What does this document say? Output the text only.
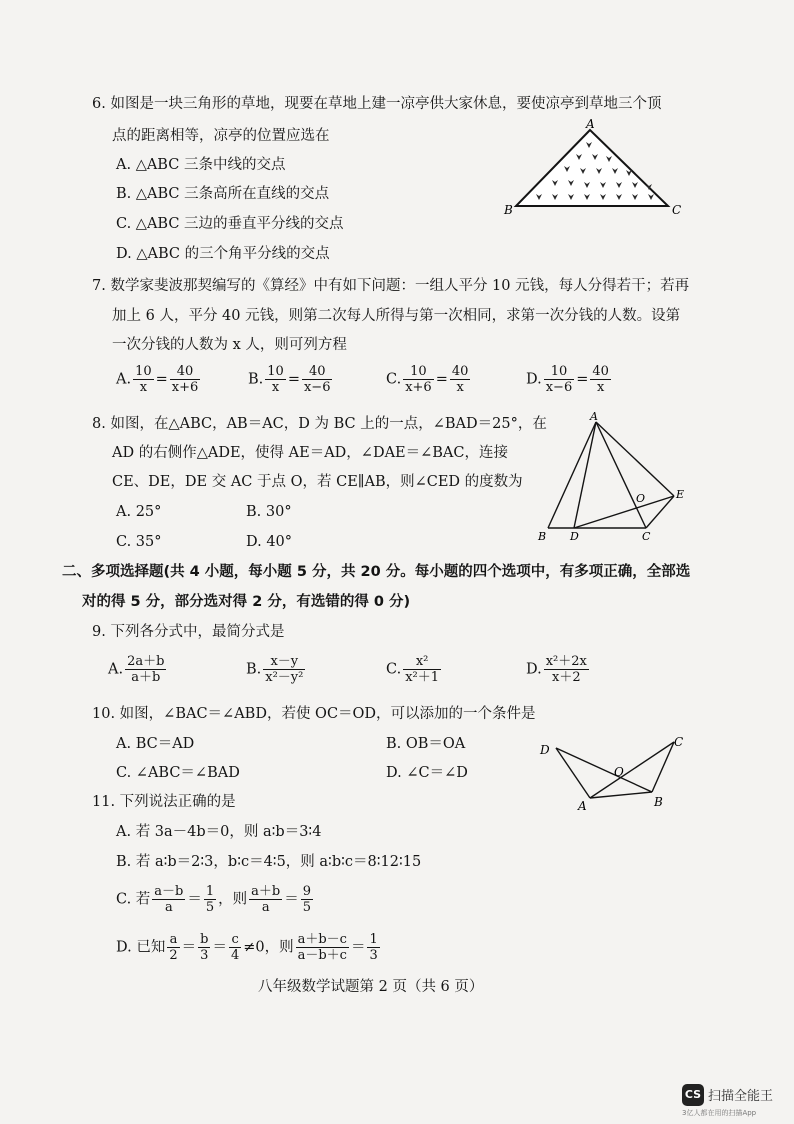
6. 如图是一块三角形的草地，现要在草地上建一凉亭供大家休息，要使凉亭到草地三个顶
点的距离相等，凉亭的位置应选在
A. △ABC 三条中线的交点
B. △ABC 三条高所在直线的交点
C. △ABC 三边的垂直平分线的交点
D. △ABC 的三个角平分线的交点
A
B	C
7. 数学家斐波那契编写的《算经》中有如下问题：一组人平分 10 元钱，每人分得若干；若再
加上 6 人，平分 40 元钱，则第二次每人所得与第一次相同，求第一次分钱的人数。设第
一次分钱的人数为 x 人，则可列方程
A. $\frac{10}{x} = \frac{40}{x+6}$	B. $\frac{10}{x} = \frac{40}{x-6}$	C. $\frac{10}{x+6} = \frac{40}{x}$	D. $\frac{10}{x-6} = \frac{40}{x}$
8. 如图，在△ABC，AB＝AC，D 为 BC 上的一点，∠BAD＝25°，在
AD 的右侧作△ADE，使得 AE＝AD，∠DAE＝∠BAC，连接
CE、DE，DE 交 AC 于点 O，若 CE∥AB，则∠CED 的度数为
A. 25°	B. 30°
C. 35°	D. 40°
A
B D	C
E
O
二、多项选择题(共 4 小题，每小题 5 分，共 20 分。每小题的四个选项中，有多项正确，全部选
对的得 5 分，部分选对得 2 分，有选错的得 0 分)
9. 下列各分式中，最简分式是
A. $\frac{2a+b}{a+b}$	B. $\frac{x-y}{\text{x²－y²}}$	C. $\frac{\text{x²}}{\text{x²＋1}}$	D. $\frac{\text{x²＋2x}}{x+2}$
10. 如图，∠BAC＝∠ABD，若使 OC＝OD，可以添加的一个条件是
A. BC＝AD	B. OB＝OA
C. ∠ABC＝∠BAD	D. ∠C＝∠D
D
C
O
A	B
11. 下列说法正确的是
A. 若 3a－4b＝0，则 a∶b＝3∶4
B. 若 a∶b＝2∶3，b∶c＝4∶5，则 a∶b∶c＝8∶12∶15
C. 若 $\frac{a-b}{a} = \frac{1}{5}$ ，则 $\frac{a+b}{a} = \frac{9}{5}$
D. 已知 $\frac{a}{2} = \frac{b}{3} = \frac{c}{4} \ne 0$，则 $\frac{a+b-c}{a-b+c} = \frac{1}{3}$
八年级数学试题第 2 页（共 6 页）
CS 扫描全能王
3亿人都在用的扫描App
